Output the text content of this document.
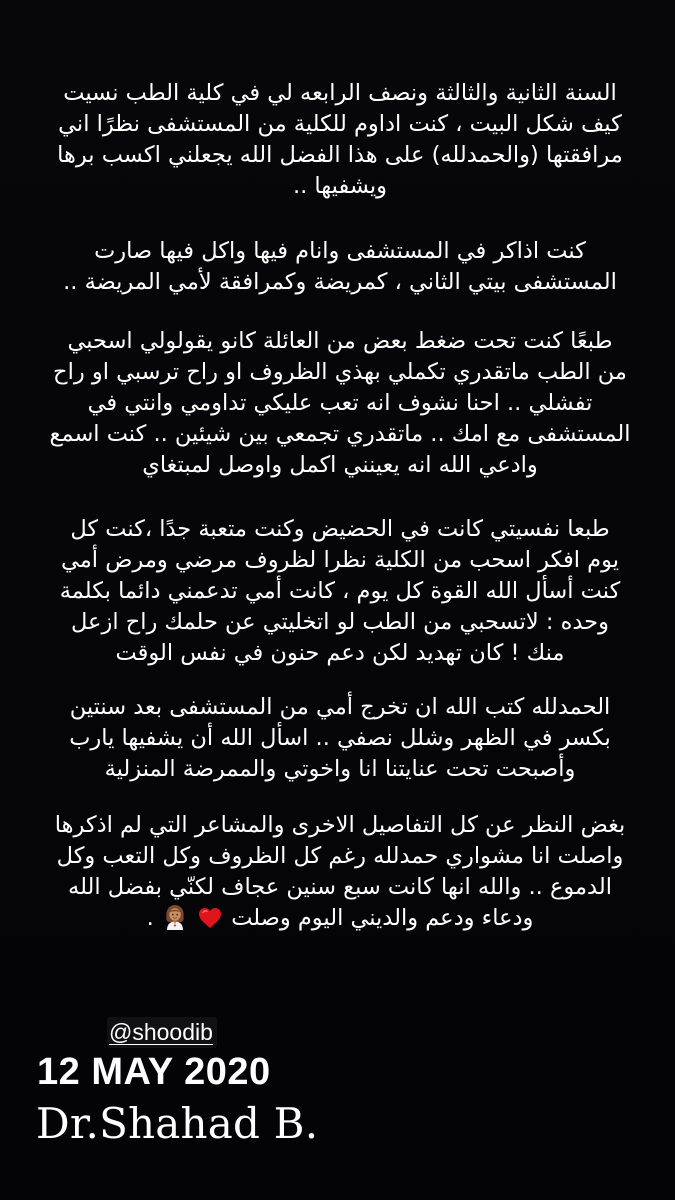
السنة الثانية والثالثة ونصف الرابعه لي في كلية الطب نسيت
كيف شكل البيت ، كنت اداوم للكلية من المستشفى نظرًا اني
مرافقتها (والحمدلله) على هذا الفضل الله يجعلني اكسب برها
ويشفيها ..

كنت اذاكر في المستشفى وانام فيها واكل فيها صارت
المستشفى بيتي الثاني ، كمريضة وكمرافقة لأمي المريضة ..

طبعًا كنت تحت ضغط بعض من العائلة كانو يقولولي اسحبي
من الطب ماتقدري تكملي بهذي الظروف او راح ترسبي او راح
تفشلي .. احنا نشوف انه تعب عليكي تداومي وانتي في
المستشفى مع امك .. ماتقدري تجمعي بين شيئين .. كنت اسمع
وادعي الله انه يعينني اكمل واوصل لمبتغاي

طبعا نفسيتي كانت في الحضيض وكنت متعبة جدًا ،كنت كل
يوم افكر اسحب من الكلية نظرا لظروف مرضي ومرض أمي
كنت أسأل الله القوة كل يوم ، كانت أمي تدعمني دائما بكلمة
وحده : لاتسحبي من الطب لو اتخليتي عن حلمك راح ازعل
منك ! كان تهديد لكن دعم حنون في نفس الوقت

الحمدلله كتب الله ان تخرج أمي من المستشفى بعد سنتين
بكسر في الظهر وشلل نصفي .. اسأل الله أن يشفيها يارب
وأصبحت تحت عنايتنا انا واخوتي والممرضة المنزلية

بغض النظر عن كل التفاصيل الاخرى والمشاعر التي لم اذكرها
واصلت انا مشواري حمدلله رغم كل الظروف وكل التعب وكل
الدموع .. والله انها كانت سبع سنين عجاف لكنّي بفضل الله
ودعاء ودعم والديني اليوم وصلت   .

@shoodib
12 MAY 2020
Dr.Shahad B.
